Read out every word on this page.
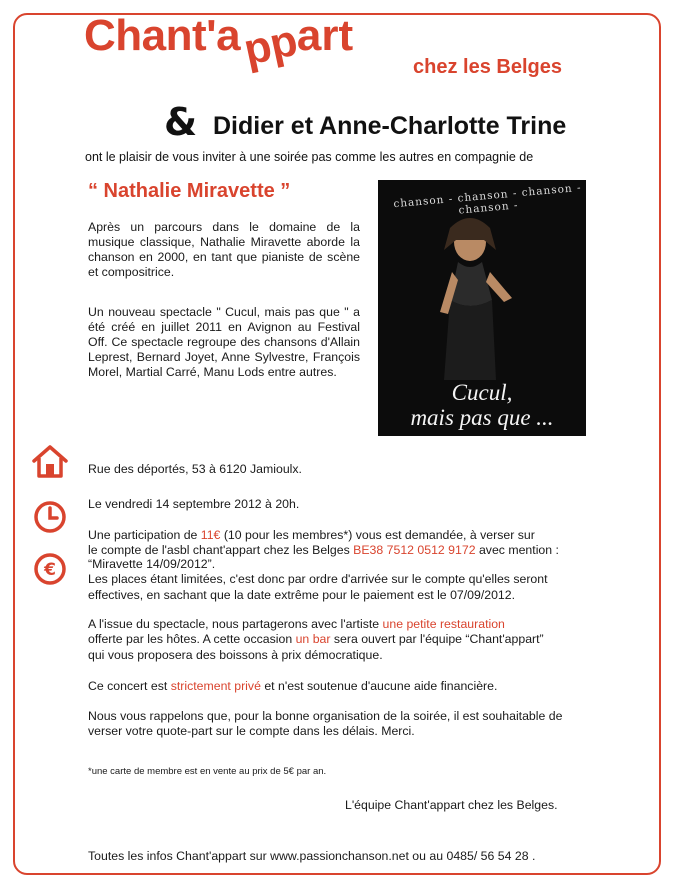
Chant'appart
chez les Belges
& Didier et Anne-Charlotte Trine
ont le plaisir de vous inviter à une soirée pas comme les autres en compagnie de
“ Nathalie Miravette ”
Après un parcours dans le domaine de la musique classique, Nathalie Miravette aborde la chanson en 2000, en tant que pianiste de scène et compositrice.
Un nouveau spectacle " Cucul, mais pas que " a été créé en juillet 2011 en Avignon au Festival Off. Ce spectacle regroupe des chansons d'Allain Leprest, Bernard Joyet, Anne Sylvestre, François Morel, Martial Carré, Manu Lods entre autres.
chanson - chanson - chanson - chanson -
Cucul,
mais pas que ...
€
Rue des déportés, 53 à 6120 Jamioulx.
Le vendredi 14 septembre 2012 à 20h.
Une participation de 11€ (10 pour les membres*) vous est demandée, à verser sur
le compte de l'asbl chant'appart chez les Belges BE38 7512 0512 9172 avec mention :
“Miravette 14/09/2012”.
Les places étant limitées, c'est donc par ordre d'arrivée sur le compte qu'elles seront
effectives, en sachant que la date extrême pour le paiement est le 07/09/2012.
A l'issue du spectacle, nous partagerons avec l'artiste une petite restauration
offerte par les hôtes. A cette occasion un bar sera ouvert par l'équipe “Chant'appart”
qui vous proposera des boissons à prix démocratique.
Ce concert est strictement privé et n'est soutenue d'aucune aide financière.
Nous vous rappelons que, pour la bonne organisation de la soirée, il est souhaitable de
verser votre quote-part sur le compte dans les délais. Merci.
*une carte de membre est en vente au prix de 5€ par an.
L'équipe Chant'appart chez les Belges.
Toutes les infos Chant'appart sur www.passionchanson.net ou au 0485/ 56 54 28 .
